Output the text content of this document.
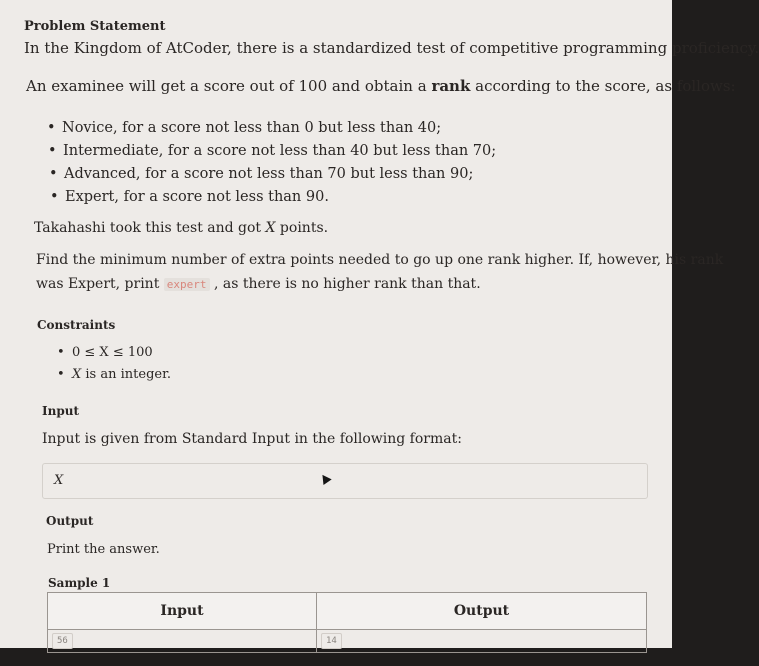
Problem Statement
In the Kingdom of AtCoder, there is a standardized test of competitive programming proficiency.
An examinee will get a score out of 100 and obtain a rank according to the score, as follows:
• Novice, for a score not less than 0 but less than 40;
• Intermediate, for a score not less than 40 but less than 70;
• Advanced, for a score not less than 70 but less than 90;
• Expert, for a score not less than 90.
Takahashi took this test and got X points.
Find the minimum number of extra points needed to go up one rank higher. If, however, his rank
was Expert, print expert , as there is no higher rank than that.
Constraints
• 0 ≤ X ≤ 100
• X is an integer.
Input
Input is given from Standard Input in the following format:
X
Output
Print the answer.
Sample 1
Input	Output
56	14
